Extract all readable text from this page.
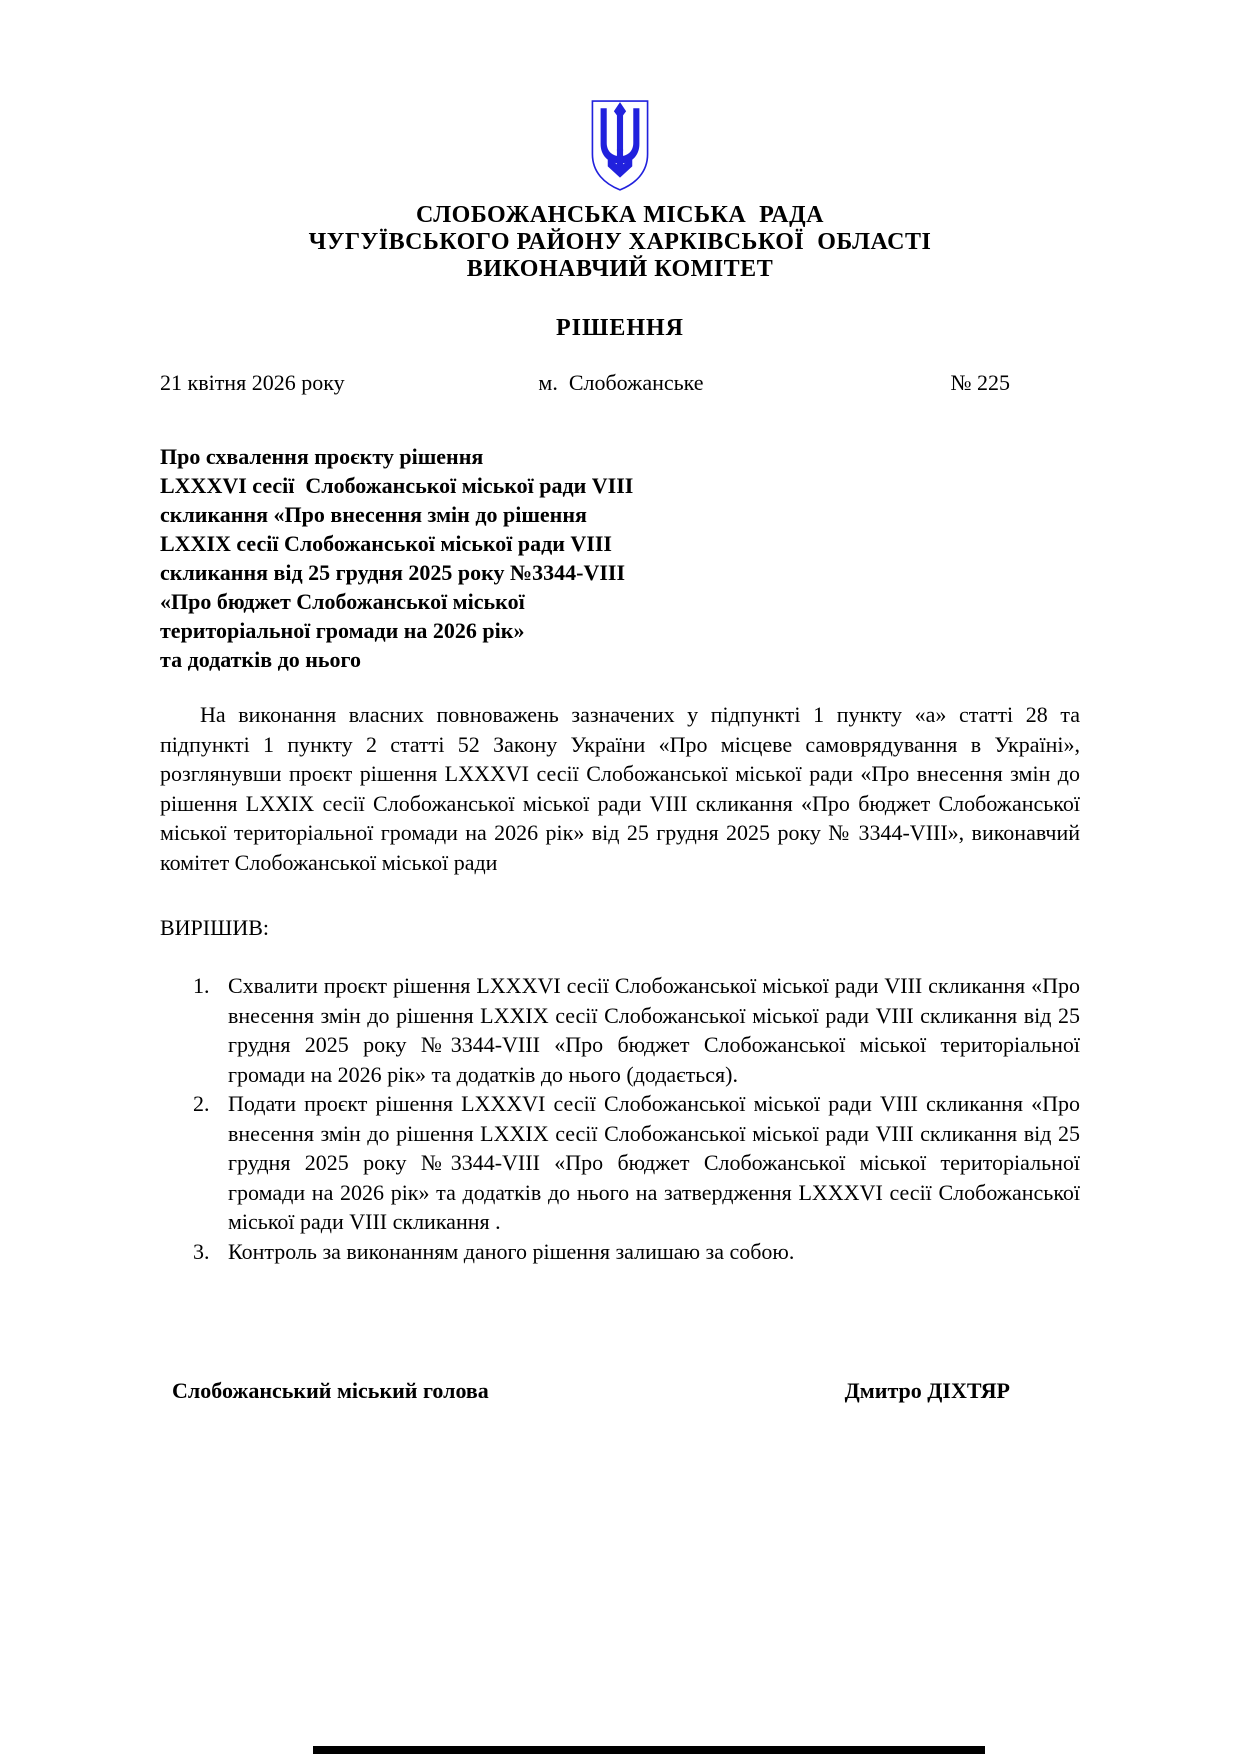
СЛОБОЖАНСЬКА МІСЬКА  РАДА
ЧУГУЇВСЬКОГО РАЙОНУ ХАРКІВСЬКОЇ  ОБЛАСТІ
ВИКОНАВЧИЙ КОМІТЕТ
РІШЕННЯ
21 квітня 2026 року	м.  Слобожанське	№ 225
Про схвалення проєкту рішення
LXXXVI сесії  Слобожанської міської ради VIII
скликання «Про внесення змін до рішення
LXXIX сесії Слобожанської міської ради VIII
скликання від 25 грудня 2025 року №3344-VIII
«Про бюджет Слобожанської міської
територіальної громади на 2026 рік»
та додатків до нього

На виконання власних повноважень зазначених у підпункті 1 пункту «а» статті 28 та підпункті 1 пункту 2 статті 52 Закону України «Про місцеве самоврядування в Україні», розглянувши проєкт рішення LXXXVI сесії Слобожанської міської ради «Про внесення змін до рішення LXXIX сесії Слобожанської міської ради VIII скликання «Про бюджет Слобожанської міської територіальної громади на 2026 рік» від 25 грудня 2025 року № 3344-VIII», виконавчий комітет Слобожанської міської ради

ВИРІШИВ:
1. Схвалити проєкт рішення LXXXVI сесії Слобожанської міської ради VIII скликання «Про внесення змін до рішення LXXIX сесії Слобожанської міської ради VIII скликання від 25 грудня 2025 року №3344-VIII «Про бюджет Слобожанської міської територіальної громади на 2026 рік» та додатків до нього (додається).
2. Подати проєкт рішення LXXXVI сесії Слобожанської міської ради VIII скликання «Про внесення змін до рішення LXXIX сесії Слобожанської міської ради VIII скликання від 25 грудня 2025 року №3344-VIII «Про бюджет Слобожанської міської територіальної громади на 2026 рік» та додатків до нього на затвердження LXXXVI сесії Слобожанської міської ради VIII скликання .
3. Контроль за виконанням даного рішення залишаю за собою.
Слобожанський міський голова	Дмитро ДІХТЯР
